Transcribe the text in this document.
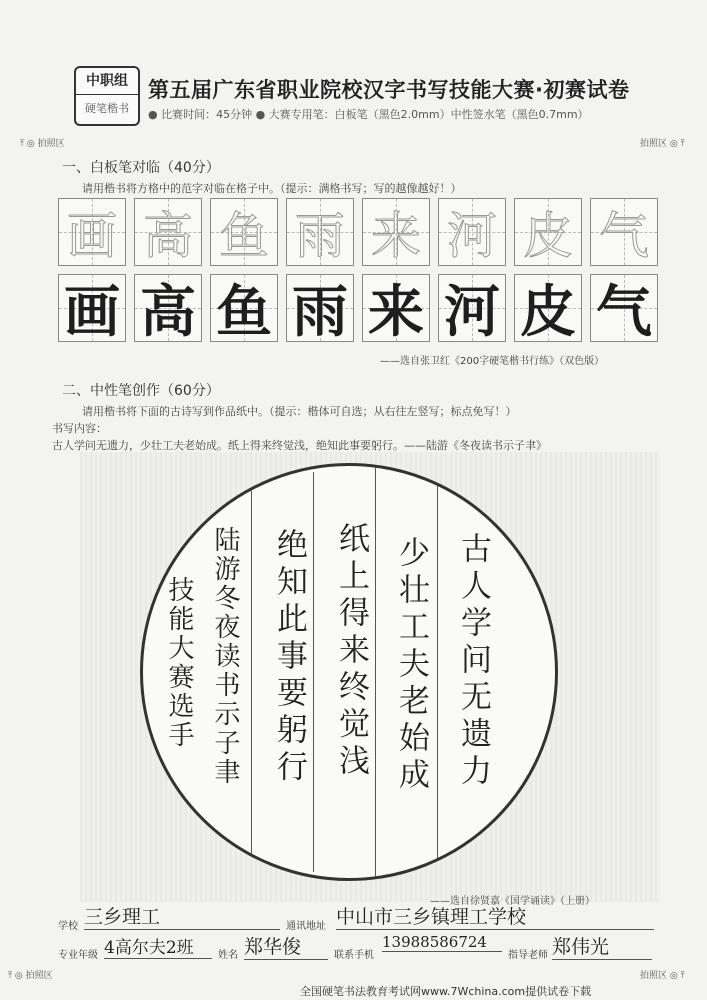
中职组
硬笔楷书
第五届广东省职业院校汉字书写技能大赛·初赛试卷
● 比赛时间：45分钟 ● 大赛专用笔：白板笔（黑色2.0mm）中性签水笔（黑色0.7mm）
⤒ ◎ 拍照区	拍照区 ◎ ⤒
一、白板笔对临（40分）
请用楷书将方格中的范字对临在格子中。（提示：满格书写；写的越像越好！）
画 高 鱼 雨 来 河 皮 气
画 高 鱼 雨 来 河 皮 气
——选自张卫红《200字硬笔楷书行练》（双色版）
二、中性笔创作（60分）
请用楷书将下面的古诗写到作品纸中。（提示：楷体可自选；从右往左竖写；标点免写！）
书写内容：
古人学问无遗力，少壮工夫老始成。纸上得来终觉浅，绝知此事要躬行。——陆游《冬夜读书示子聿》
古人学问无遗力
少壮工夫老始成
纸上得来终觉浅
绝知此事要躬行
陆游冬夜读书示子聿
技能大赛选手
——选自徐贤嘉《国学诵读》（上册）
学校 三乡理工	通讯地址 中山市三乡镇理工学校
专业年级 4高尔夫2班	姓名 郑华俊	联系手机
13988586724
指导老师 郑伟光
⤒ ◎ 拍照区	拍照区 ◎ ⤒
全国硬笔书法教育考试网www.7Wchina.com提供试卷下载
